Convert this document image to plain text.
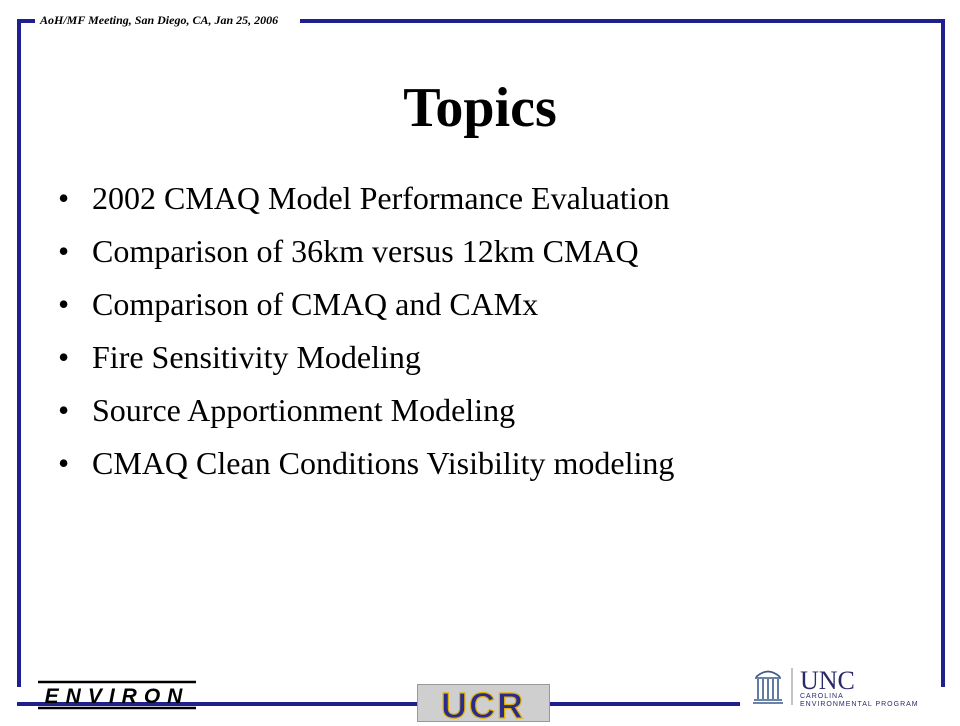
AoH/MF Meeting, San Diego, CA, Jan 25, 2006
Topics
• 2002 CMAQ Model Performance Evaluation
• Comparison of 36km versus 12km CMAQ
• Comparison of CMAQ and CAMx
• Fire Sensitivity Modeling
• Source Apportionment Modeling
• CMAQ Clean Conditions Visibility modeling
ENVIRON	UCR
UNC
CAROLINA
ENVIRONMENTAL PROGRAM
